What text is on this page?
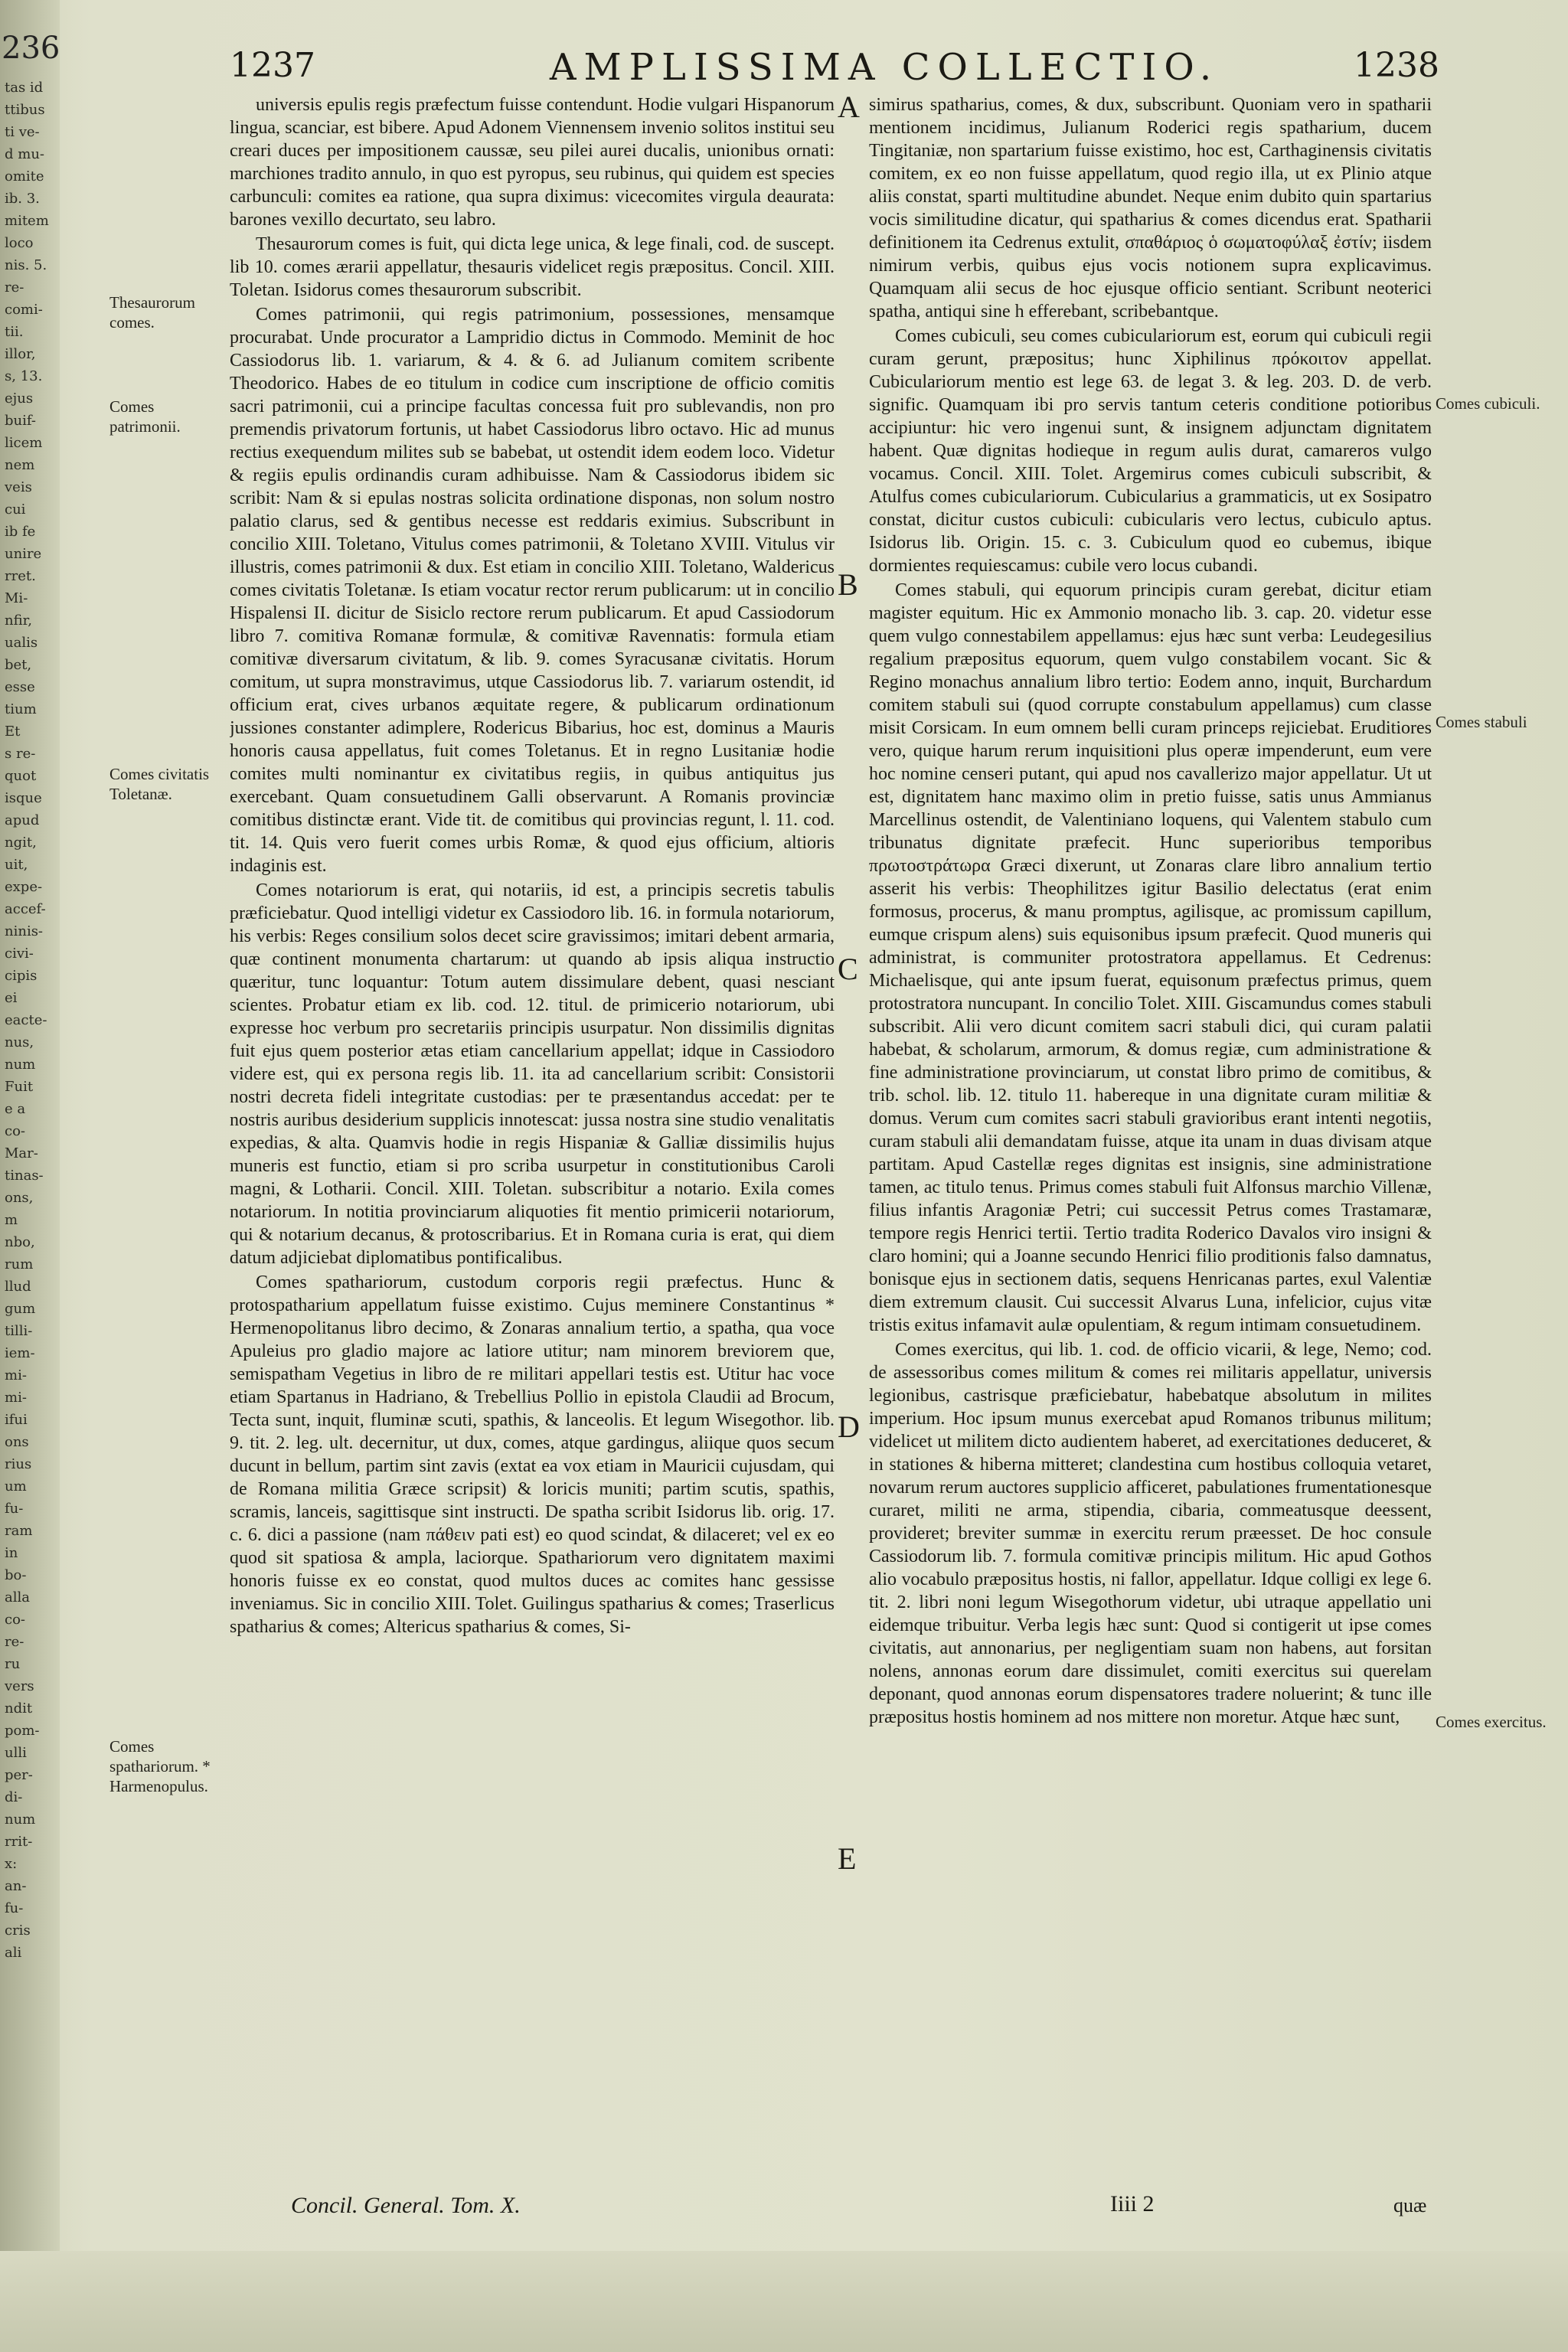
236
tas id
ttibus
ti ve-
d mu-
omite
ib. 3.
mitem
loco
nis. 5.
re-
comi-
tii.
illor,
s, 13.
ejus
buif-
licem
nem
veis
cui
ib fe
unire
rret.
Mi-
nfir,
ualis
bet,
esse
tium
Et
s re-
quot
isque
apud
ngit,
uit,
expe-
accef-
ninis-
civi-
cipis
ei
eacte-
nus,
num
Fuit
e a
co-
Mar-
tinas-
ons,
m
nbo,
rum
llud
gum
tilli-
iem-
mi-
mi-
ifui
ons
rius
um
fu-
ram
in
bo-
alla
co-
re-
ru
vers
ndit
pom-
ulli
per-
di-
num
rrit-
x:
an-
fu-
cris
ali
1237	AMPLISSIMA COLLECTIO.	1238
Thesaurorum comes.
Comes patrimonii.
Comes civitatis Toletanæ.
Comes spathariorum. * Harmenopulus.
Comes cubiculi.
Comes stabuli
Comes exercitus.
A
B
C
D
E

universis epulis regis præfectum fuisse contendunt. Hodie vulgari Hispanorum lingua, scanciar, est bibere. Apud Adonem Viennensem invenio solitos institui seu creari duces per impositionem caussæ, seu pilei aurei ducalis, unionibus ornati: marchiones tradito annulo, in quo est pyropus, seu rubinus, qui quidem est species carbunculi: comites ea ratione, qua supra diximus: vicecomites virgula deaurata: barones vexillo decurtato, seu labro.

Thesaurorum comes is fuit, qui dicta lege unica, & lege finali, cod. de suscept. lib 10. comes ærarii appellatur, thesauris videlicet regis præpositus. Concil. XIII. Toletan. Isidorus comes thesaurorum subscribit.

Comes patrimonii, qui regis patrimonium, possessiones, mensamque procurabat. Unde procurator a Lampridio dictus in Commodo. Meminit de hoc Cassiodorus lib. 1. variarum, & 4. & 6. ad Julianum comitem scribente Theodorico. Habes de eo titulum in codice cum inscriptione de officio comitis sacri patrimonii, cui a principe facultas concessa fuit pro sublevandis, non pro premendis privatorum fortunis, ut habet Cassiodorus libro octavo. Hic ad munus rectius exequendum milites sub se babebat, ut ostendit idem eodem loco. Videtur & regiis epulis ordinandis curam adhibuisse. Nam & Cassiodorus ibidem sic scribit: Nam & si epulas nostras solicita ordinatione disponas, non solum nostro palatio clarus, sed & gentibus necesse est reddaris eximius. Subscribunt in concilio XIII. Toletano, Vitulus comes patrimonii, & Toletano XVIII. Vitulus vir illustris, comes patrimonii & dux. Est etiam in concilio XIII. Toletano, Waldericus comes civitatis Toletanæ. Is etiam vocatur rector rerum publicarum: ut in concilio Hispalensi II. dicitur de Sisiclo rectore rerum publicarum. Et apud Cassiodorum libro 7. comitiva Romanæ formulæ, & comitivæ Ravennatis: formula etiam comitivæ diversarum civitatum, & lib. 9. comes Syracusanæ civitatis. Horum comitum, ut supra monstravimus, utque Cassiodorus lib. 7. variarum ostendit, id officium erat, cives urbanos æquitate regere, & publicarum ordinationum jussiones constanter adimplere, Rodericus Bibarius, hoc est, dominus a Mauris honoris causa appellatus, fuit comes Toletanus. Et in regno Lusitaniæ hodie comites multi nominantur ex civitatibus regiis, in quibus antiquitus jus exercebant. Quam consuetudinem Galli observarunt. A Romanis provinciæ comitibus distinctæ erant. Vide tit. de comitibus qui provincias regunt, l. 11. cod. tit. 14. Quis vero fuerit comes urbis Romæ, & quod ejus officium, altioris indaginis est.

Comes notariorum is erat, qui notariis, id est, a principis secretis tabulis præficiebatur. Quod intelligi videtur ex Cassiodoro lib. 16. in formula notariorum, his verbis: Reges consilium solos decet scire gravissimos; imitari debent armaria, quæ continent monumenta chartarum: ut quando ab ipsis aliqua instructio quæritur, tunc loquantur: Totum autem dissimulare debent, quasi nesciant scientes. Probatur etiam ex lib. cod. 12. titul. de primicerio notariorum, ubi expresse hoc verbum pro secretariis principis usurpatur. Non dissimilis dignitas fuit ejus quem posterior ætas etiam cancellarium appellat; idque in Cassiodoro videre est, qui ex persona regis lib. 11. ita ad cancellarium scribit: Consistorii nostri decreta fideli integritate custodias: per te præsentandus accedat: per te nostris auribus desiderium supplicis innotescat: jussa nostra sine studio venalitatis expedias, & alta. Quamvis hodie in regis Hispaniæ & Galliæ dissimilis hujus muneris est functio, etiam si pro scriba usurpetur in constitutionibus Caroli magni, & Lotharii. Concil. XIII. Toletan. subscribitur a notario. Exila comes notariorum. In notitia provinciarum aliquoties fit mentio primicerii notariorum, qui & notarium decanus, & protoscribarius. Et in Romana curia is erat, qui diem datum adjiciebat diplomatibus pontificalibus.

Comes spathariorum, custodum corporis regii præfectus. Hunc & protospatharium appellatum fuisse existimo. Cujus meminere Constantinus * Hermenopolitanus libro decimo, & Zonaras annalium tertio, a spatha, qua voce Apuleius pro gladio majore ac latiore utitur; nam minorem breviorem que, semispatham Vegetius in libro de re militari appellari testis est. Utitur hac voce etiam Spartanus in Hadriano, & Trebellius Pollio in epistola Claudii ad Brocum, Tecta sunt, inquit, fluminæ scuti, spathis, & lanceolis. Et legum Wisegothor. lib. 9. tit. 2. leg. ult. decernitur, ut dux, comes, atque gardingus, aliique quos secum ducunt in bellum, partim sint zavis (extat ea vox etiam in Mauricii cujusdam, qui de Romana militia Græce scripsit) & loricis muniti; partim scutis, spathis, scramis, lanceis, sagittisque sint instructi. De spatha scribit Isidorus lib. orig. 17. c. 6. dici a passione (nam πάθειν pati est) eo quod scindat, & dilaceret; vel ex eo quod sit spatiosa & ampla, laciorque. Spathariorum vero dignitatem maximi honoris fuisse ex eo constat, quod multos duces ac comites hanc gessisse inveniamus. Sic in concilio XIII. Tolet. Guilingus spatharius & comes; Traserlicus spatharius & comes; Altericus spatharius & comes, Si-

simirus spatharius, comes, & dux, subscribunt. Quoniam vero in spatharii mentionem incidimus, Julianum Roderici regis spatharium, ducem Tingitaniæ, non spartarium fuisse existimo, hoc est, Carthaginensis civitatis comitem, ex eo non fuisse appellatum, quod regio illa, ut ex Plinio atque aliis constat, sparti multitudine abundet. Neque enim dubito quin spartarius vocis similitudine dicatur, qui spatharius & comes dicendus erat. Spatharii definitionem ita Cedrenus extulit, σπαθάριος ὁ σωματοφύλαξ ἐστίν; iisdem nimirum verbis, quibus ejus vocis notionem supra explicavimus. Quamquam alii secus de hoc ejusque officio sentiant. Scribunt neoterici spatha, antiqui sine h efferebant, scribebantque.

Comes cubiculi, seu comes cubiculariorum est, eorum qui cubiculi regii curam gerunt, præpositus; hunc Xiphilinus πρόκοιτον appellat. Cubiculariorum mentio est lege 63. de legat 3. & leg. 203. D. de verb. signific. Quamquam ibi pro servis tantum ceteris conditione potioribus accipiuntur: hic vero ingenui sunt, & insignem adjunctam dignitatem habent. Quæ dignitas hodieque in regum aulis durat, camareros vulgo vocamus. Concil. XIII. Tolet. Argemirus comes cubiculi subscribit, & Atulfus comes cubiculariorum. Cubicularius a grammaticis, ut ex Sosipatro constat, dicitur custos cubiculi: cubicularis vero lectus, cubiculo aptus. Isidorus lib. Origin. 15. c. 3. Cubiculum quod eo cubemus, ibique dormientes requiescamus: cubile vero locus cubandi.

Comes stabuli, qui equorum principis curam gerebat, dicitur etiam magister equitum. Hic ex Ammonio monacho lib. 3. cap. 20. videtur esse quem vulgo connestabilem appellamus: ejus hæc sunt verba: Leudegesilius regalium præpositus equorum, quem vulgo constabilem vocant. Sic & Regino monachus annalium libro tertio: Eodem anno, inquit, Burchardum comitem stabuli sui (quod corrupte constabulum appellamus) cum classe misit Corsicam. In eum omnem belli curam princeps rejiciebat. Eruditiores vero, quique harum rerum inquisitioni plus operæ impenderunt, eum vere hoc nomine censeri putant, qui apud nos cavallerizo major appellatur. Ut ut est, dignitatem hanc maximo olim in pretio fuisse, satis unus Ammianus Marcellinus ostendit, de Valentiniano loquens, qui Valentem stabulo cum tribunatus dignitate præfecit. Hunc superioribus temporibus πρωτοστράτωρα Græci dixerunt, ut Zonaras clare libro annalium tertio asserit his verbis: Theophilitzes igitur Basilio delectatus (erat enim formosus, procerus, & manu promptus, agilisque, ac promissum capillum, eumque crispum alens) suis equisonibus ipsum præfecit. Quod muneris qui administrat, is communiter protostratora appellamus. Et Cedrenus: Michaelisque, qui ante ipsum fuerat, equisonum præfectus primus, quem protostratora nuncupant. In concilio Tolet. XIII. Giscamundus comes stabuli subscribit. Alii vero dicunt comitem sacri stabuli dici, qui curam palatii habebat, & scholarum, armorum, & domus regiæ, cum administratione & fine administratione provinciarum, ut constat libro primo de comitibus, & trib. schol. lib. 12. titulo 11. habereque in una dignitate curam militiæ & domus. Verum cum comites sacri stabuli gravioribus erant intenti negotiis, curam stabuli alii demandatam fuisse, atque ita unam in duas divisam atque partitam. Apud Castellæ reges dignitas est insignis, sine administratione tamen, ac titulo tenus. Primus comes stabuli fuit Alfonsus marchio Villenæ, filius infantis Aragoniæ Petri; cui successit Petrus comes Trastamaræ, tempore regis Henrici tertii. Tertio tradita Roderico Davalos viro insigni & claro homini; qui a Joanne secundo Henrici filio proditionis falso damnatus, bonisque ejus in sectionem datis, sequens Henricanas partes, exul Valentiæ diem extremum clausit. Cui successit Alvarus Luna, infelicior, cujus vitæ tristis exitus infamavit aulæ opulentiam, & regum intimam consuetudinem.

Comes exercitus, qui lib. 1. cod. de officio vicarii, & lege, Nemo; cod. de assessoribus comes militum & comes rei militaris appellatur, universis legionibus, castrisque præficiebatur, habebatque absolutum in milites imperium. Hoc ipsum munus exercebat apud Romanos tribunus militum; videlicet ut militem dicto audientem haberet, ad exercitationes deduceret, & in stationes & hiberna mitteret; clandestina cum hostibus colloquia vetaret, novarum rerum auctores supplicio afficeret, pabulationes frumentationesque curaret, militi ne arma, stipendia, cibaria, commeatusque deessent, provideret; breviter summæ in exercitu rerum præesset. De hoc consule Cassiodorum lib. 7. formula comitivæ principis militum. Hic apud Gothos alio vocabulo præpositus hostis, ni fallor, appellatur. Idque colligi ex lege 6. tit. 2. libri noni legum Wisegothorum videtur, ubi utraque appellatio uni eidemque tribuitur. Verba legis hæc sunt: Quod si contigerit ut ipse comes civitatis, aut annonarius, per negligentiam suam non habens, aut forsitan nolens, annonas eorum dare dissimulet, comiti exercitus sui querelam deponant, quod annonas eorum dispensatores tradere noluerint; & tunc ille præpositus hostis hominem ad nos mittere non moretur. Atque hæc sunt,

Concil. General. Tom. X.	Iiii 2	quæ
